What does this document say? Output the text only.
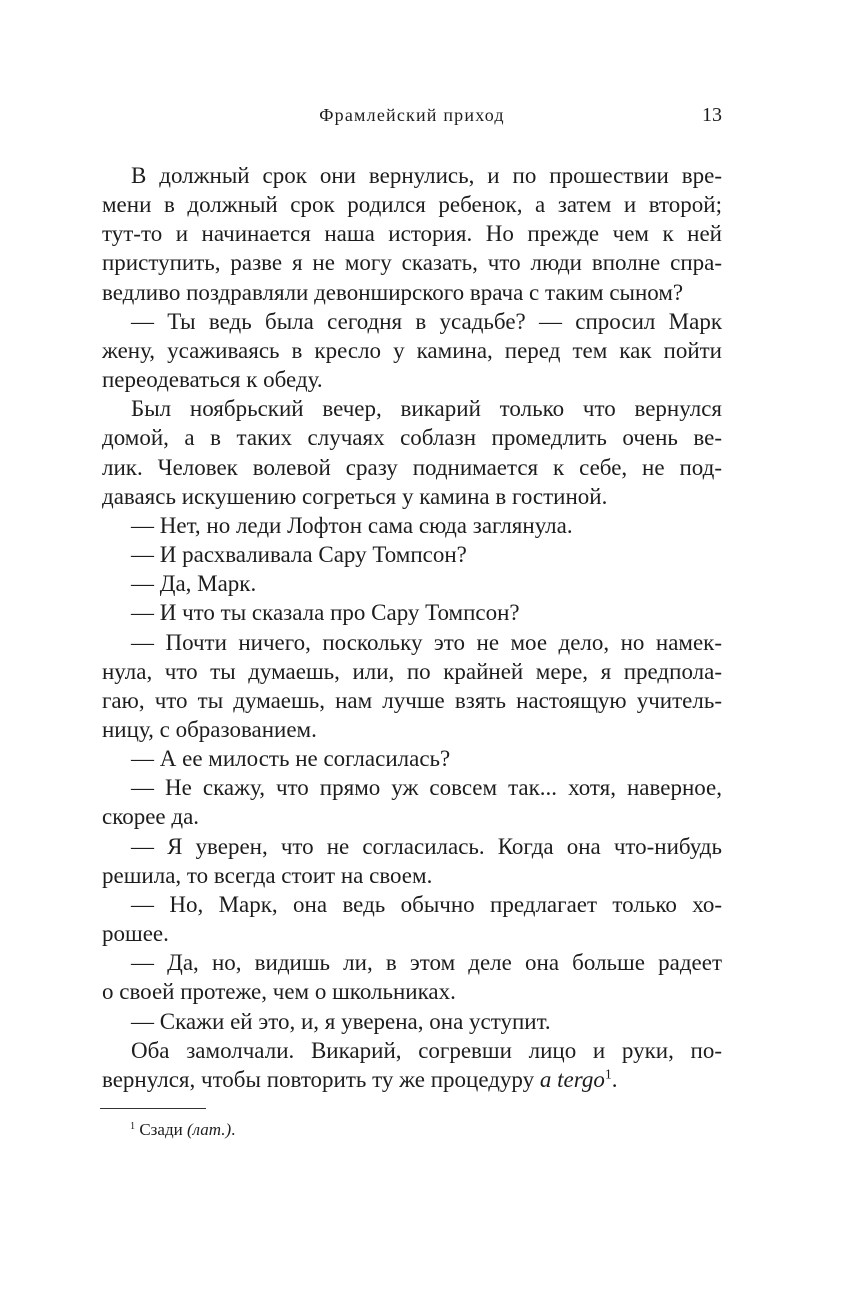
Фрамлейский приход	13
В должный срок они вернулись, и по прошествии вре-
мени в должный срок родился ребенок, а затем и второй;
тут-то и начинается наша история. Но прежде чем к ней
приступить, разве я не могу сказать, что люди вполне спра-
ведливо поздравляли девонширского врача с таким сыном?
— Ты ведь была сегодня в усадьбе? — спросил Марк
жену, усаживаясь в кресло у камина, перед тем как пойти
переодеваться к обеду.
Был ноябрьский вечер, викарий только что вернулся
домой, а в таких случаях соблазн промедлить очень ве-
лик. Человек волевой сразу поднимается к себе, не под-
даваясь искушению согреться у камина в гостиной.
— Нет, но леди Лофтон сама сюда заглянула.
— И расхваливала Сару Томпсон?
— Да, Марк.
— И что ты сказала про Сару Томпсон?
— Почти ничего, поскольку это не мое дело, но намек-
нула, что ты думаешь, или, по крайней мере, я предпола-
гаю, что ты думаешь, нам лучше взять настоящую учитель-
ницу, с образованием.
— А ее милость не согласилась?
— Не скажу, что прямо уж совсем так... хотя, наверное,
скорее да.
— Я уверен, что не согласилась. Когда она что-нибудь
решила, то всегда стоит на своем.
— Но, Марк, она ведь обычно предлагает только хо-
рошее.
— Да, но, видишь ли, в этом деле она больше радеет
о своей протеже, чем о школьниках.
— Скажи ей это, и, я уверена, она уступит.
Оба замолчали. Викарий, согревши лицо и руки, по-
вернулся, чтобы повторить ту же процедуру a tergo$^1$.
$^1$ Сзади (лат.).
